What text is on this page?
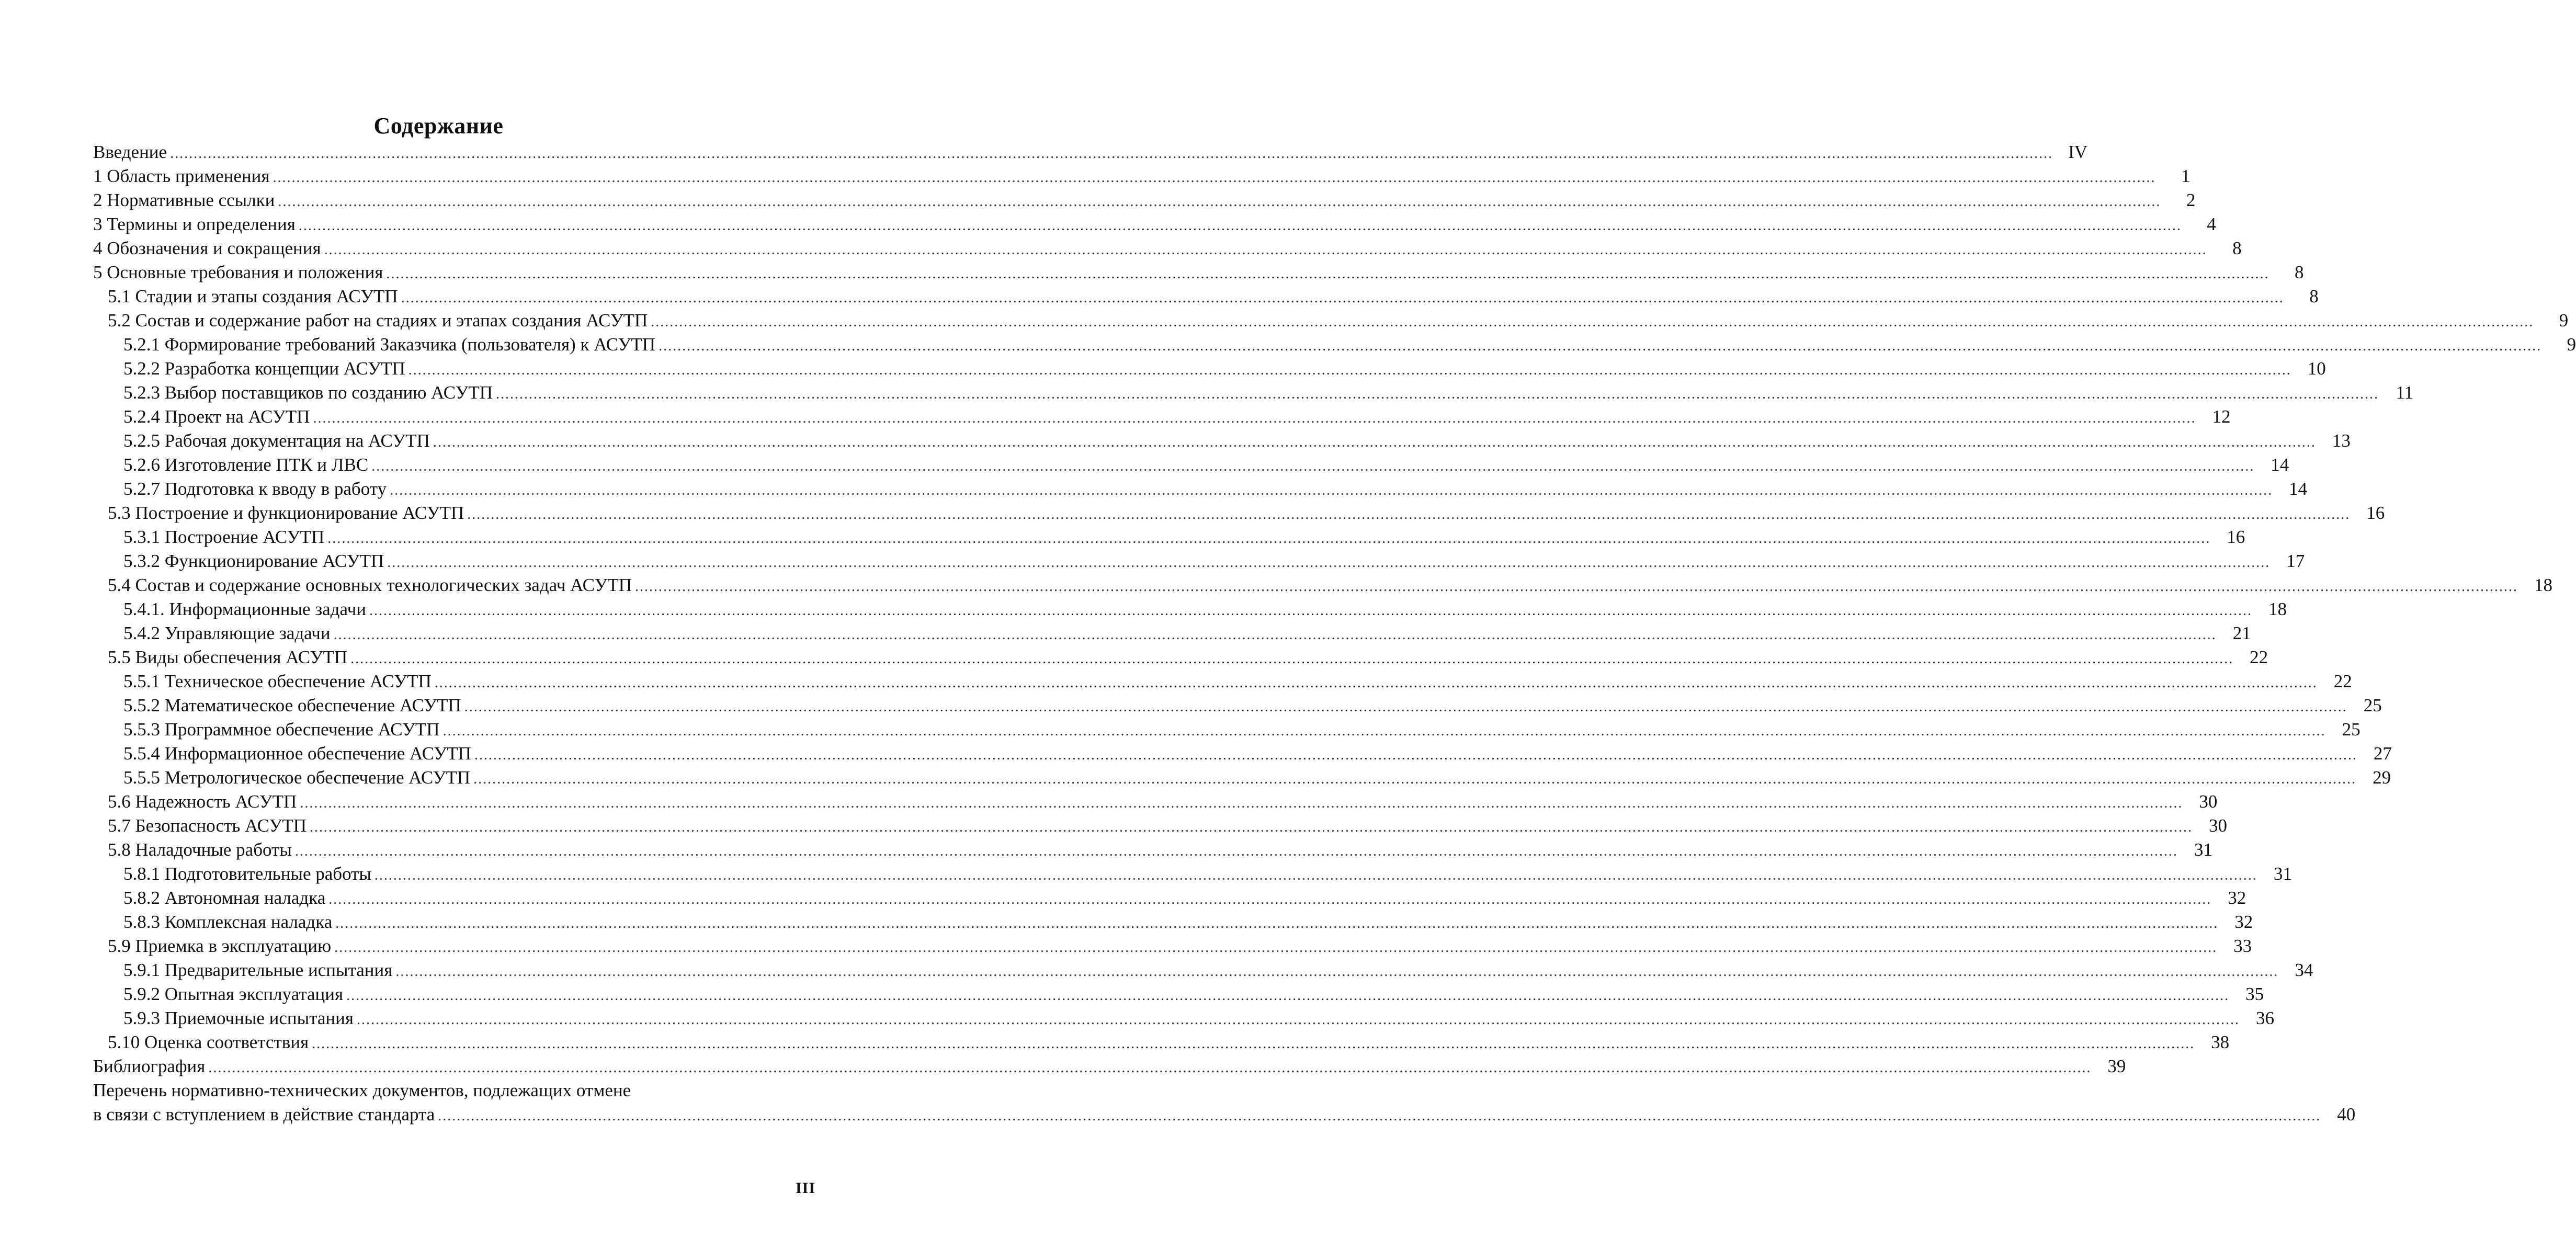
Содержание
Введение ................................................................................................................................................................................................................................................................................................................................................................................................................ IV
1 Область применения ................................................................................................................................................................................................................................................................................................................................................................................................................	1
2 Нормативные ссылки ................................................................................................................................................................................................................................................................................................................................................................................................................	2
3 Термины и определения ................................................................................................................................................................................................................................................................................................................................................................................................................	4
4 Обозначения и сокращения ................................................................................................................................................................................................................................................................................................................................................................................................................	8
5 Основные требования и положения ................................................................................................................................................................................................................................................................................................................................................................................................................	8
5.1 Стадии и этапы создания АСУТП ................................................................................................................................................................................................................................................................................................................................................................................................................	8
5.2 Состав и содержание работ на стадиях и этапах создания АСУТП ................................................................................................................................................................................................................................................................................................................................................................................................................	9
5.2.1 Формирование требований Заказчика (пользователя) к АСУТП ................................................................................................................................................................................................................................................................................................................................................................................................................	9
5.2.2 Разработка концепции АСУТП ................................................................................................................................................................................................................................................................................................................................................................................................................ 10
5.2.3 Выбор поставщиков по созданию АСУТП ................................................................................................................................................................................................................................................................................................................................................................................................................ 11
5.2.4 Проект на АСУТП ................................................................................................................................................................................................................................................................................................................................................................................................................ 12
5.2.5 Рабочая документация на АСУТП ................................................................................................................................................................................................................................................................................................................................................................................................................ 13
5.2.6 Изготовление ПТК и ЛВС ................................................................................................................................................................................................................................................................................................................................................................................................................ 14
5.2.7 Подготовка к вводу в работу ................................................................................................................................................................................................................................................................................................................................................................................................................ 14
5.3 Построение и функционирование АСУТП ................................................................................................................................................................................................................................................................................................................................................................................................................ 16
5.3.1 Построение АСУТП ................................................................................................................................................................................................................................................................................................................................................................................................................ 16
5.3.2 Функционирование АСУТП ................................................................................................................................................................................................................................................................................................................................................................................................................ 17
5.4 Состав и содержание основных технологических задач АСУТП ................................................................................................................................................................................................................................................................................................................................................................................................................ 18
5.4.1. Информационные задачи ................................................................................................................................................................................................................................................................................................................................................................................................................ 18
5.4.2 Управляющие задачи ................................................................................................................................................................................................................................................................................................................................................................................................................ 21
5.5 Виды обеспечения АСУТП ................................................................................................................................................................................................................................................................................................................................................................................................................ 22
5.5.1 Техническое обеспечение АСУТП ................................................................................................................................................................................................................................................................................................................................................................................................................ 22
5.5.2 Математическое обеспечение АСУТП ................................................................................................................................................................................................................................................................................................................................................................................................................ 25
5.5.3 Программное обеспечение АСУТП ................................................................................................................................................................................................................................................................................................................................................................................................................ 25
5.5.4 Информационное обеспечение АСУТП ................................................................................................................................................................................................................................................................................................................................................................................................................ 27
5.5.5 Метрологическое обеспечение АСУТП ................................................................................................................................................................................................................................................................................................................................................................................................................ 29
5.6 Надежность АСУТП ................................................................................................................................................................................................................................................................................................................................................................................................................ 30
5.7 Безопасность АСУТП ................................................................................................................................................................................................................................................................................................................................................................................................................ 30
5.8 Наладочные работы ................................................................................................................................................................................................................................................................................................................................................................................................................ 31
5.8.1 Подготовительные работы ................................................................................................................................................................................................................................................................................................................................................................................................................ 31
5.8.2 Автономная наладка ................................................................................................................................................................................................................................................................................................................................................................................................................ 32
5.8.3 Комплексная наладка ................................................................................................................................................................................................................................................................................................................................................................................................................ 32
5.9 Приемка в эксплуатацию ................................................................................................................................................................................................................................................................................................................................................................................................................ 33
5.9.1 Предварительные испытания ................................................................................................................................................................................................................................................................................................................................................................................................................ 34
5.9.2 Опытная эксплуатация ................................................................................................................................................................................................................................................................................................................................................................................................................ 35
5.9.3 Приемочные испытания ................................................................................................................................................................................................................................................................................................................................................................................................................ 36
5.10 Оценка соответствия ................................................................................................................................................................................................................................................................................................................................................................................................................ 38
Библиография ................................................................................................................................................................................................................................................................................................................................................................................................................ 39
Перечень нормативно-технических документов, подлежащих отмене
в связи с вступлением в действие стандарта ................................................................................................................................................................................................................................................................................................................................................................................................................ 40
III
